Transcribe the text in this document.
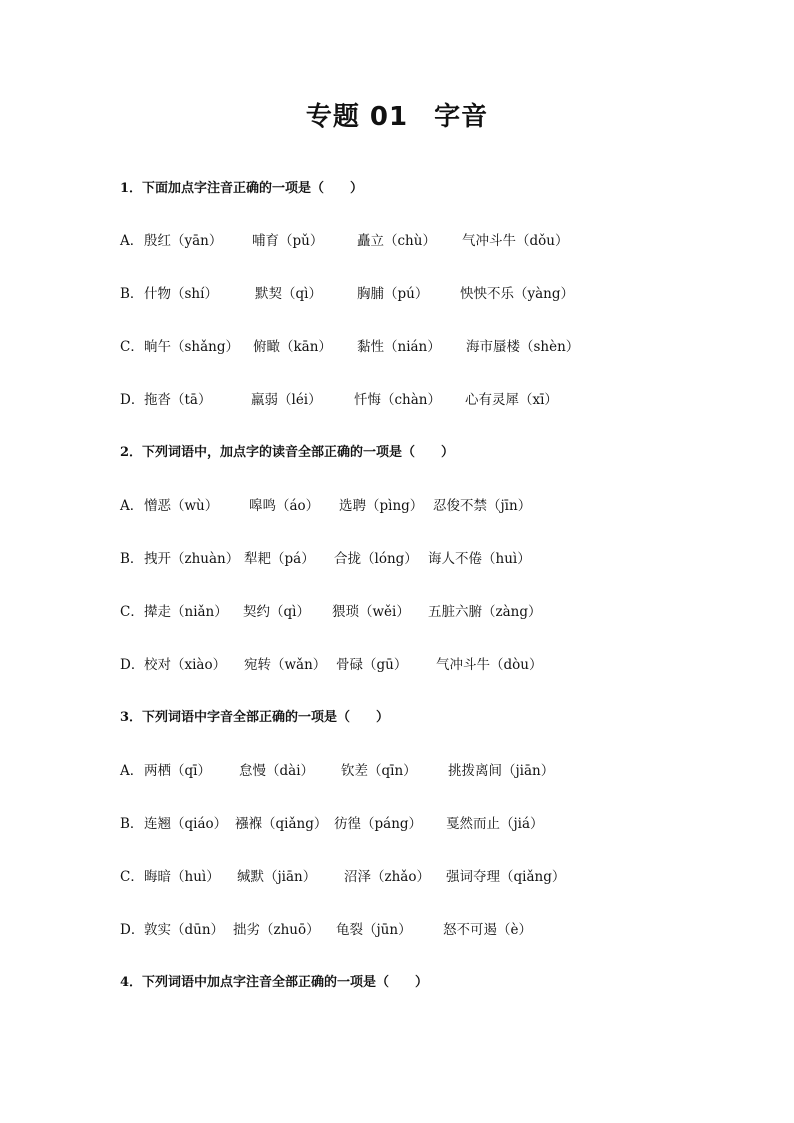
专题 01 字音
1．下面加点字注音正确的一项是（　　）
A． 殷红（yān） 哺育（pǔ） 矗立（chù） 气冲斗牛（dǒu）
B． 什物（shí）	默契（qì）	胸脯（pú） 怏怏不乐（yàng）
C． 晌午（shǎng） 俯瞰（kān） 黏性（nián） 海市蜃楼（shèn）
D． 拖沓（tā）	羸弱（léi） 忏悔（chàn） 心有灵犀（xī）
2．下列词语中，加点字的读音全部正确的一项是（　　）
A． 憎恶（wù） 嗥鸣（áo） 选聘（pìng） 忍俊不禁（jīn）
B． 拽开（zhuàn） 犁耙（pá） 合拢（lóng） 诲人不倦（huì）
C． 撵走（niǎn） 契约（qì） 猥琐（wěi） 五脏六腑（zàng）
D． 校对（xiào） 宛转（wǎn） 骨碌（gū） 气冲斗牛（dòu）
3．下列词语中字音全部正确的一项是（　　）
A． 两栖（qī） 怠慢（dài） 钦差（qīn） 挑拨离间（jiān）
B． 连翘（qiáo） 襁褓（qiǎng） 彷徨（páng） 戛然而止（jiá）
C． 晦暗（huì） 缄默（jiān） 沼泽（zhǎo） 强词夺理（qiǎng）
D． 敦实（dūn） 拙劣（zhuō） 龟裂（jūn） 怒不可遏（è）
4．下列词语中加点字注音全部正确的一项是（　　）
